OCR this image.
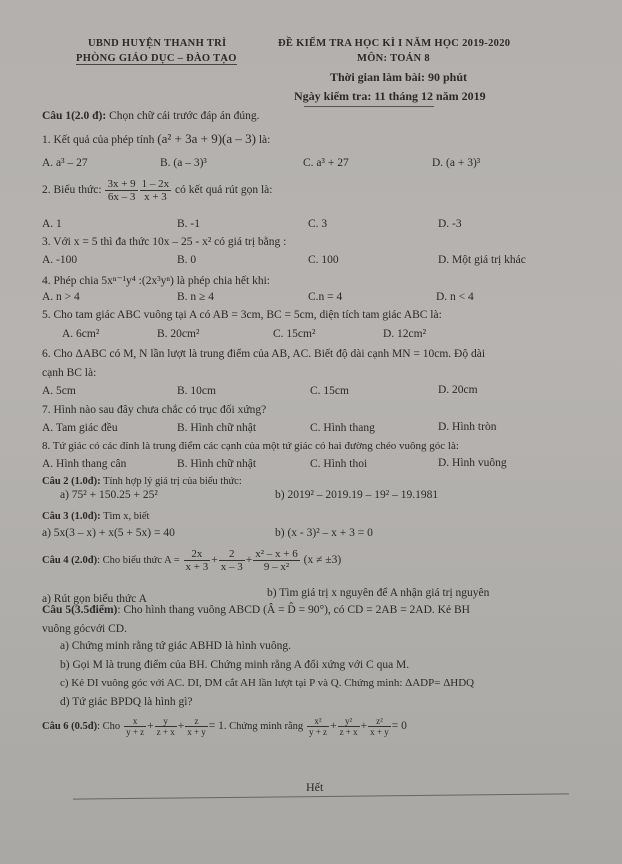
UBND HUYỆN THANH TRÌ
PHÒNG GIÁO DỤC – ĐÀO TẠO
ĐỀ KIỂM TRA HỌC KÌ I NĂM HỌC 2019-2020
MÔN: TOÁN 8
Thời gian làm bài: 90 phút
Ngày kiểm tra: 11 tháng 12 năm 2019
Câu 1(2.0 đ): Chọn chữ cái trước đáp án đúng.
1. Kết quả của phép tính (a² + 3a + 9)(a – 3) là:
A. a³ – 27	B. (a – 3)³	C. a³ + 27	D. (a + 3)³
2. Biểu thức: $\frac{3x + 9}{6x - 3} \frac{1 - 2x}{x + 3}$ có kết quả rút gọn là:
A. 1	B. -1	C. 3	D. -3
3. Với x = 5 thì đa thức 10x – 25 - x² có giá trị bằng :
A. -100	B. 0	C. 100	D. Một giá trị khác
4. Phép chia 5xⁿ⁻¹y⁴ :(2x³yⁿ) là phép chia hết khi:
A. n > 4	B. n ≥ 4	C.n = 4	D. n < 4
5. Cho tam giác ABC vuông tại A có AB = 3cm, BC = 5cm, diện tích tam giác ABC là:
A. 6cm²	B. 20cm²	C. 15cm²	D. 12cm²
6. Cho ΔABC có M, N lần lượt là trung điểm của AB, AC. Biết độ dài cạnh MN = 10cm. Độ dài
cạnh BC là:
A. 5cm	B. 10cm	C. 15cm	D. 20cm
7. Hình nào sau đây chưa chắc có trục đối xứng?
A. Tam giác đều	B. Hình chữ nhật	C. Hình thang	D. Hình tròn
8. Tứ giác có các đỉnh là trung điểm các cạnh của một tứ giác có hai đường chéo vuông góc là:
A. Hình thang cân	B. Hình chữ nhật	C. Hình thoi	D. Hình vuông
Câu 2 (1.0đ): Tính hợp lý giá trị của biểu thức:
a) 75² + 150.25 + 25²	b) 2019² – 2019.19 – 19² – 19.1981
Câu 3 (1.0đ): Tìm x, biết
a) 5x(3 – x) + x(5 + 5x) = 40	b) (x - 3)² – x + 3 = 0
Câu 4 (2.0đ): Cho biểu thức $A = \frac{2x}{x + 3} + \frac{2}{x - 3} + \frac{\text{x² – x + 6}}{\text{9 – x²}} (x \ne \pm 3)$
a) Rút gọn biểu thức A	b) Tìm giá trị x nguyên để A nhận giá trị nguyên
Câu 5(3.5điểm): Cho hình thang vuông ABCD (Â = D̂ = 90°), có CD = 2AB = 2AD. Kẻ BH
vuông gócvới CD.
a) Chứng minh rằng tứ giác ABHD là hình vuông.
b) Gọi M là trung điểm của BH. Chứng minh rằng A đối xứng với C qua M.
c) Kẻ DI vuông góc với AC. DI, DM cắt AH lần lượt tại P và Q. Chứng minh: ΔADP= ΔHDQ
d) Tứ giác BPDQ là hình gì?
Câu 6 (0.5đ): Cho $\frac{x}{y + z} + \frac{y}{z + x} + \frac{z}{x + y} = 1$. Chứng minh rằng $\frac{\text{x²}}{y + z} + \frac{\text{y²}}{z + x} + \frac{\text{z²}}{x + y} = 0$
Hết
